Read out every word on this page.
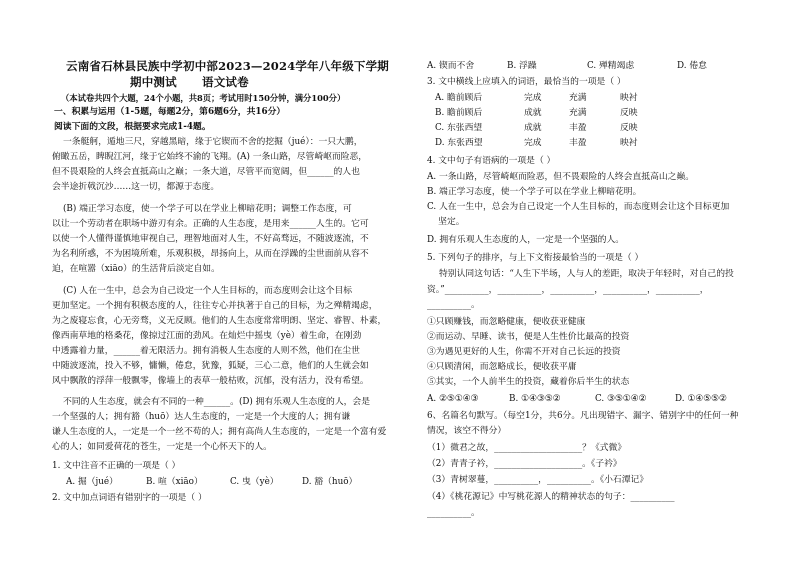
云南省石林县民族中学初中部2023—2024学年八年级下学期
期中测试      语文试卷
（本试卷共四个大题，24个小题，共8页；考试用时150分钟，满分100分）
一、积累与运用（1-5题，每题2分，第6题6分，共16分）
阅读下面的文段，根据要求完成1-4题。
一条艇舸，遁地三尺，穿越黑暗，缘于它锲而不舍的挖掘（jué）：一只大鹏，
俯瞰五岳，睥睨江河，缘于它始终不渝的飞翔。(A) 一条山路，尽管崎岖而险恶，
但不畏艰险的人终会直抵高山之巅；一条大道，尽管平而宽阔，但______的人也
会半途折戟沉沙……这一切，都源于态度。
(B) 端正学习态度，使一个学子可以在学业上柳暗花明；调整工作态度，可
以让一个劳动者在职场中游刃有余。正确的人生态度，是用来______人生的。它可
以使一个人懂得谨慎地审视自己，理智地面对人生，不好高骛远，不随波逐流，不
为名利所惑，不为困境所难，乐观积极，昂扬向上，从而在浮躁的尘世面前从容不
迫，在喧嚣（xiāo）的生活背后淡定自如。
(C) 人在一生中，总会为自己设定一个人生目标的，而态度则会让这个目标
更加坚定。一个拥有积极态度的人，往往专心并执著于自己的目标，为之殚精竭虑，
为之废寝忘食，心无旁骛，义无反顾。他们的人生态度常常明朗、坚定、睿智、朴素，
像西南草地的格桑花，像掠过江面的劲风。在灿烂中摇曳（yè）着生命，在刚劲
中透露着力量，______着无限活力。拥有消极人生态度的人则不然，他们在尘世
中随波逐流，投入不够，慵懒，倦怠，犹豫，狐疑，三心二意，他们的人生就会如
风中飘散的浮萍一般飘零，像墙上的表草一般枯败，沉郁，没有活力，没有希望。
不同的人生态度，就会有不同的一种______。(D) 拥有乐观人生态度的人，会是
一个坚强的人；拥有豁（huō）达人生态度的，一定是一个大度的人；拥有谦
谦人生态度的人，一定是一个一丝不苟的人；拥有高尚人生态度的，一定是一个富有爱
心的人；如同爱荷花的苍生，一定是一个心怀天下的人。
1. 文中注音不正确的一项是（ ）
A. 掘（jué）	B. 喧（xiāo）	C. 曳（yè）	D. 豁（huō）
2. 文中加点词语有错别字的一项是（ ）
A. 锲而不舍	B. 浮躁	C. 殚精竭虑	D. 倦怠
3. 文中横线上应填入的词语，最恰当的一项是（ ）
A. 瞻前顾后	完成	充满	映衬
B. 瞻前顾后	成就	充满	反映
C. 东张西望	成就	丰盈	反映
D. 东张西望	完成	丰盈	映衬
4. 文中句子有语病的一项是（ ）
A. 一条山路，尽管崎岖而险恶，但不畏艰险的人终会直抵高山之巅。
B. 端正学习态度，使一个学子可以在学业上柳暗花明。
C. 人在一生中，总会为自己设定一个人生目标的，而态度则会让这个目标更加
坚定。
D. 拥有乐观人生态度的人，一定是一个坚强的人。
5. 下列句子的排序，与上下文衔接最恰当的一项是（ ）
特别认同这句话：“人生下半场，人与人的差距，取决于年轻时，对自己的投
资。”__________，__________，__________，__________，__________，
__________。
①只顾赚钱，而忽略健康，便收获亚健康
②而运动、早睡、读书，便是人生性价比最高的投资
③为遇见更好的人生，你需不开对自己长远的投资
④只顾清闲，而忽略成长，便收获平庸
⑤其实，一个人前半生的投资，藏着你后半生的状态
A. ②⑤①④③	B. ①④③⑤②	C. ③⑤①④②	D. ①④⑤⑤②
6、名篇名句默写。（每空1分，共6分。凡出现错字、漏字、错别字中的任何一种
情况，该空不得分）
（1）微君之故，____________________？《式微》
（2）青青子衿，____________________。《子衿》
（3）青树翠蔓，__________，__________。《小石潭记》
（4）《桃花源记》中写桃花源人的精神状态的句子：__________
__________。
